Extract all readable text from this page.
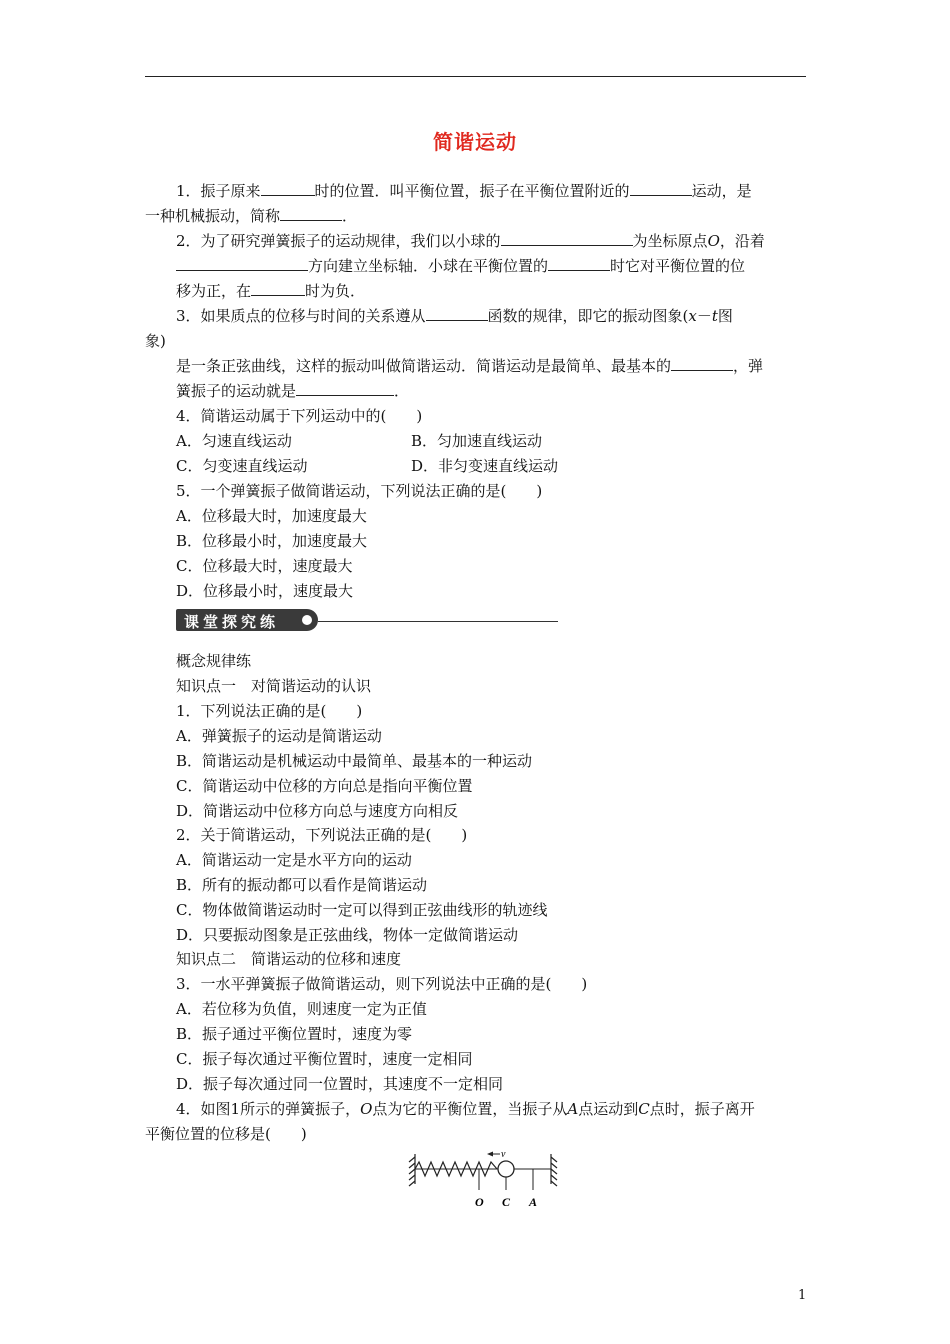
简谐运动
1．振子原来	时的位置．叫平衡位置，振子在平衡位置附近的	运动，是
一种机械振动，简称	．
2．为了研究弹簧振子的运动规律，我们以小球的	为坐标原点O，沿着
方向建立坐标轴．小球在平衡位置的	时它对平衡位置的位
移为正，在	时为负．
3．如果质点的位移与时间的关系遵从	函数的规律，即它的振动图象(x－t图
象)
是一条正弦曲线，这样的振动叫做简谐运动．简谐运动是最简单、最基本的	，弹
簧振子的运动就是	．
4．简谐运动属于下列运动中的(　　)
A．匀速直线运动	B．匀加速直线运动
C．匀变速直线运动	D．非匀变速直线运动
5．一个弹簧振子做简谐运动，下列说法正确的是(　　)
A．位移最大时，加速度最大
B．位移最小时，加速度最大
C．位移最大时，速度最大
D．位移最小时，速度最大
课堂探究练
概念规律练
知识点一　对简谐运动的认识
1．下列说法正确的是(　　)
A．弹簧振子的运动是简谐运动
B．简谐运动是机械运动中最简单、最基本的一种运动
C．简谐运动中位移的方向总是指向平衡位置
D．简谐运动中位移方向总与速度方向相反
2．关于简谐运动，下列说法正确的是(　　)
A．简谐运动一定是水平方向的运动
B．所有的振动都可以看作是简谐运动
C．物体做简谐运动时一定可以得到正弦曲线形的轨迹线
D．只要振动图象是正弦曲线，物体一定做简谐运动
知识点二　简谐运动的位移和速度
3．一水平弹簧振子做简谐运动，则下列说法中正确的是(　　)
A．若位移为负值，则速度一定为正值
B．振子通过平衡位置时，速度为零
C．振子每次通过平衡位置时，速度一定相同
D．振子每次通过同一位置时，其速度不一定相同
4．如图1所示的弹簧振子，O点为它的平衡位置，当振子从A点运动到C点时，振子离开
平衡位置的位移是(　　)
v
O C A
1
